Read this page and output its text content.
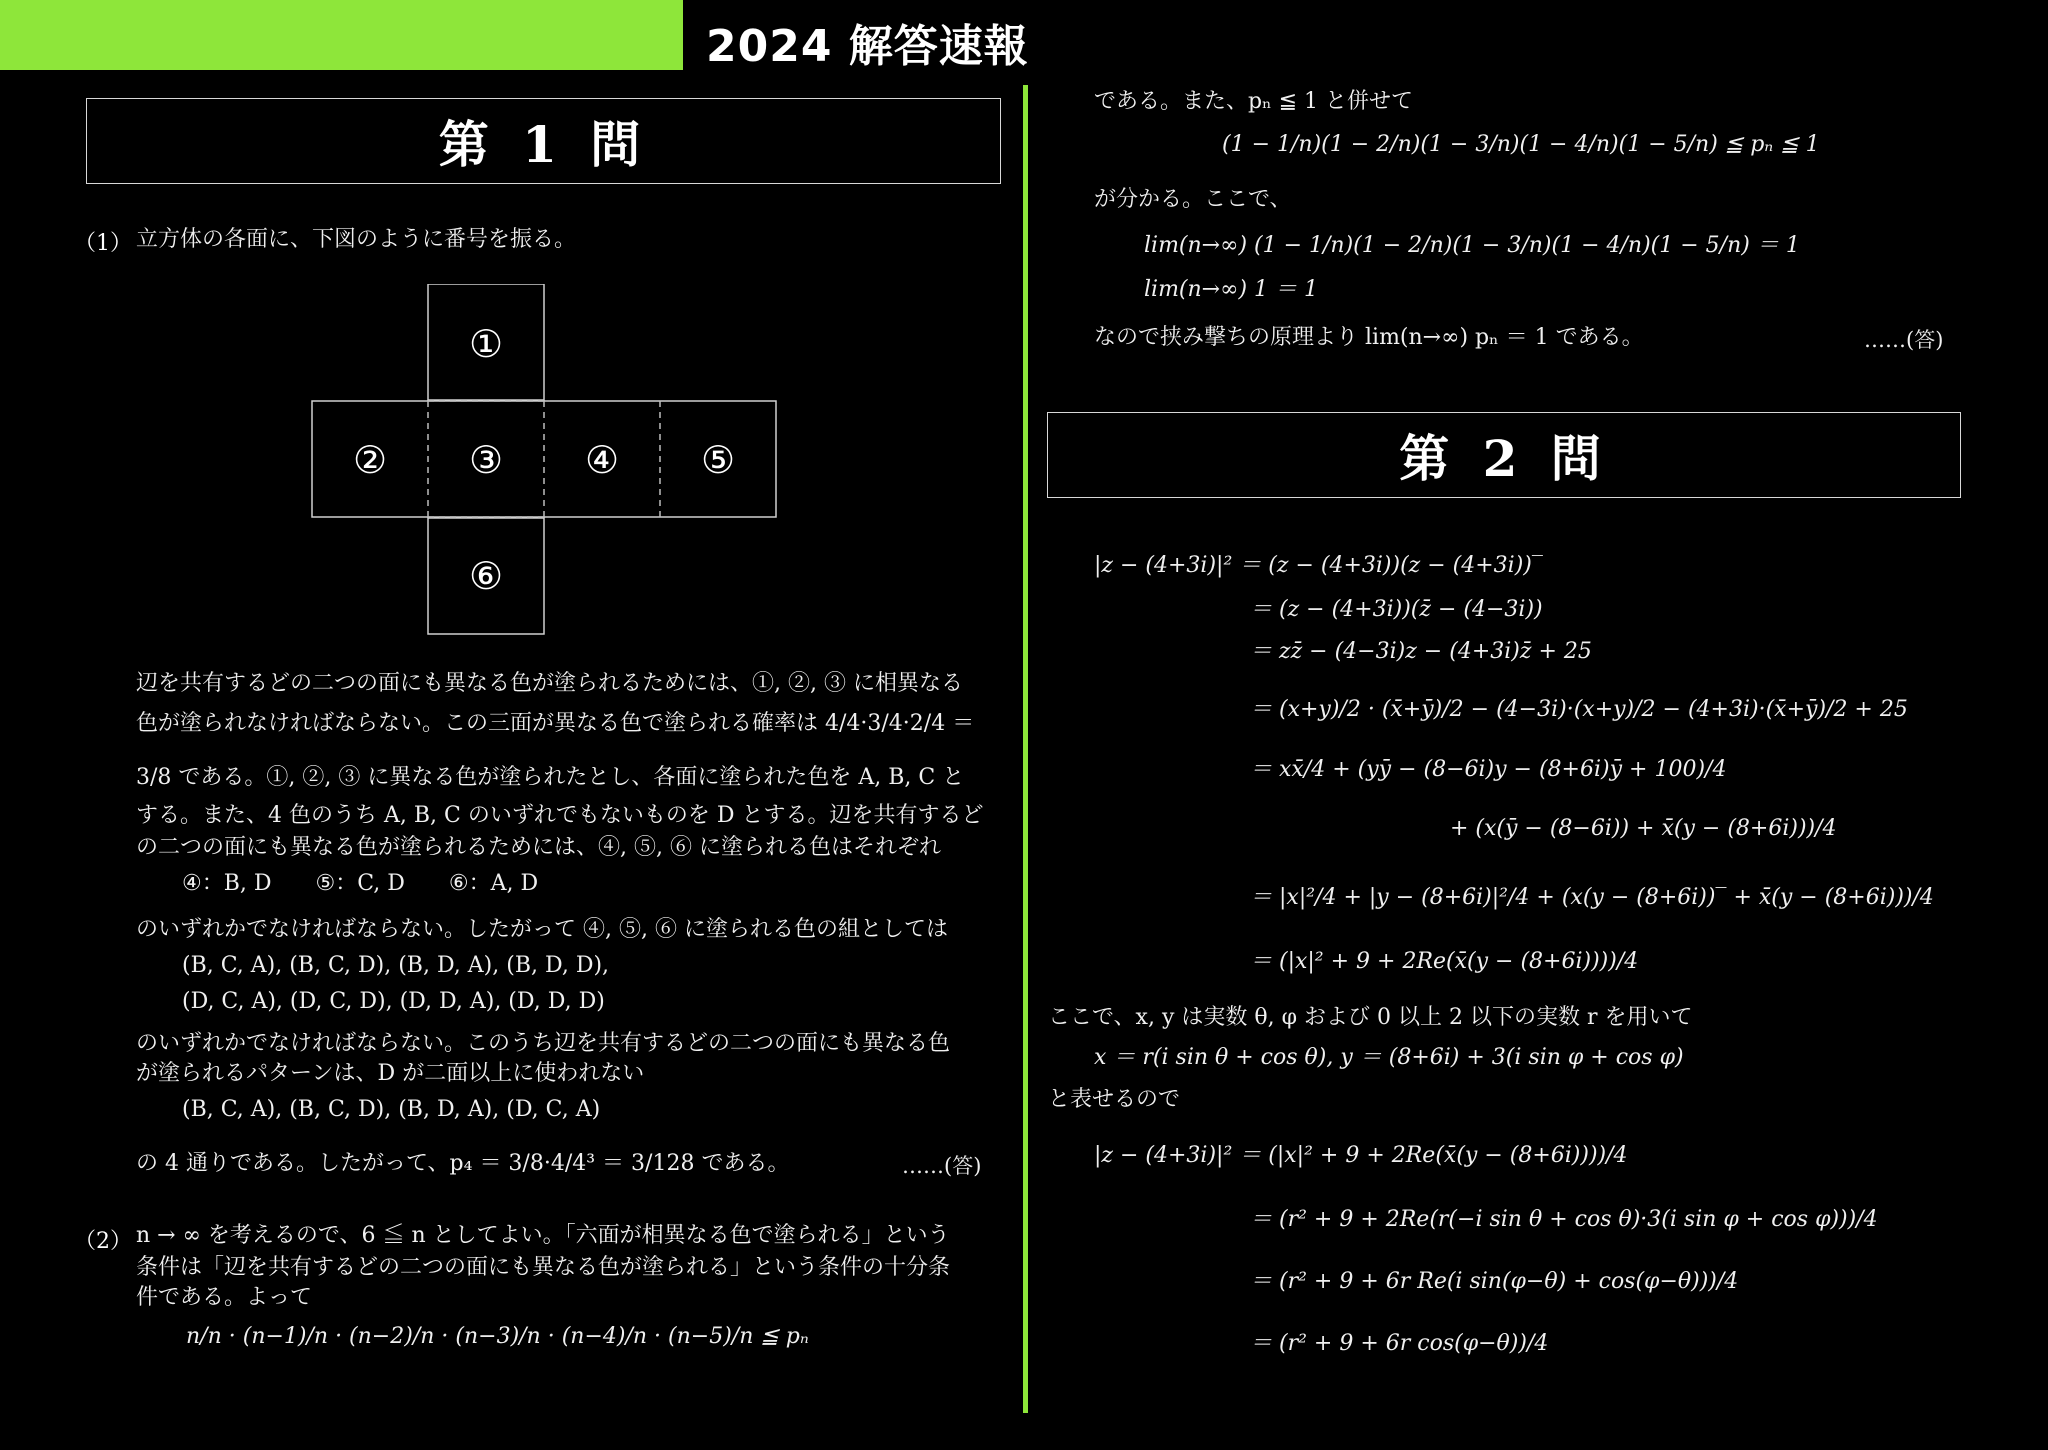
2024 解答速報
第 1 問
（1） 立方体の各面に、下図のように番号を振る。
①
②	③	④	⑤
⑥
辺を共有するどの二つの面にも異なる色が塗られるためには、①, ②, ③ に相異なる
色が塗られなければならない。この三面が異なる色で塗られる確率は 4/4·3/4·2/4 ＝
3/8 である。①, ②, ③ に異なる色が塗られたとし、各面に塗られた色を A, B, C と
する。また、4 色のうち A, B, C のいずれでもないものを D とする。辺を共有するど
の二つの面にも異なる色が塗られるためには、④, ⑤, ⑥ に塗られる色はそれぞれ
④：B, D　　⑤：C, D　　⑥：A, D
のいずれかでなければならない。したがって ④, ⑤, ⑥ に塗られる色の組としては
(B, C, A), (B, C, D), (B, D, A), (B, D, D),
(D, C, A), (D, C, D), (D, D, A), (D, D, D)
のいずれかでなければならない。このうち辺を共有するどの二つの面にも異なる色
が塗られるパターンは、D が二面以上に使われない
(B, C, A), (B, C, D), (B, D, A), (D, C, A)
の 4 通りである。したがって、p₄ ＝ 3/8·4/4³ ＝ 3/128 である。	……(答)
（2） n → ∞ を考えるので、6 ≦ n としてよい。「六面が相異なる色で塗られる」という
条件は「辺を共有するどの二つの面にも異なる色が塗られる」という条件の十分条
件である。よって
n/n · (n−1)/n · (n−2)/n · (n−3)/n · (n−4)/n · (n−5)/n ≦ pₙ
である。また、pₙ ≦ 1 と併せて
(1 − 1/n)(1 − 2/n)(1 − 3/n)(1 − 4/n)(1 − 5/n) ≦ pₙ ≦ 1
が分かる。ここで、
lim(n→∞) (1 − 1/n)(1 − 2/n)(1 − 3/n)(1 − 4/n)(1 − 5/n) ＝ 1
lim(n→∞) 1 ＝ 1
なので挟み撃ちの原理より lim(n→∞) pₙ ＝ 1 である。	……(答)
第 2 問
|z − (4+3i)|² ＝ (z − (4+3i))(z − (4+3i))‾
＝ (z − (4+3i))(z̄ − (4−3i))
＝ zz̄ − (4−3i)z − (4+3i)z̄ + 25
＝ (x+y)/2 · (x̄+ȳ)/2 − (4−3i)·(x+y)/2 − (4+3i)·(x̄+ȳ)/2 + 25
＝ xx̄/4 + (yȳ − (8−6i)y − (8+6i)ȳ + 100)/4
+ (x(ȳ − (8−6i)) + x̄(y − (8+6i)))/4
＝ |x|²/4 + |y − (8+6i)|²/4 + (x(y − (8+6i))‾ + x̄(y − (8+6i)))/4
＝ (|x|² + 9 + 2Re(x̄(y − (8+6i))))/4
ここで、x, y は実数 θ, φ および 0 以上 2 以下の実数 r を用いて
x ＝ r(i sin θ + cos θ), y ＝ (8+6i) + 3(i sin φ + cos φ)
と表せるので
|z − (4+3i)|² ＝ (|x|² + 9 + 2Re(x̄(y − (8+6i))))/4
＝ (r² + 9 + 2Re(r(−i sin θ + cos θ)·3(i sin φ + cos φ)))/4
＝ (r² + 9 + 6r Re(i sin(φ−θ) + cos(φ−θ)))/4
＝ (r² + 9 + 6r cos(φ−θ))/4
